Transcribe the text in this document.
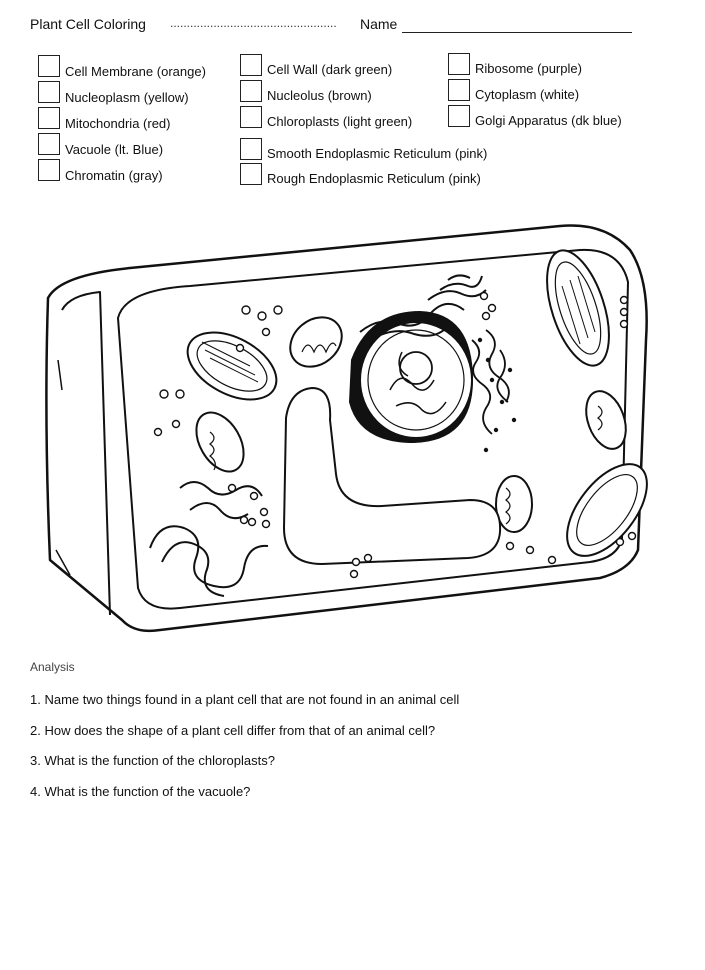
Plant Cell Coloring ..................................................	Name
Cell Membrane (orange)
Nucleoplasm (yellow)
Mitochondria (red)
Vacuole (lt. Blue)
Chromatin (gray)
Cell Wall (dark green)
Nucleolus (brown)
Chloroplasts (light green)
Smooth Endoplasmic Reticulum (pink)
Rough Endoplasmic Reticulum (pink)
Ribosome (purple)
Cytoplasm (white)
Golgi Apparatus (dk blue)
Analysis
1. Name two things found in a plant cell that are not found in an animal cell
2. How does the shape of a plant cell differ from that of an animal cell?
3. What is the function of the chloroplasts?
4. What is the function of the vacuole?
